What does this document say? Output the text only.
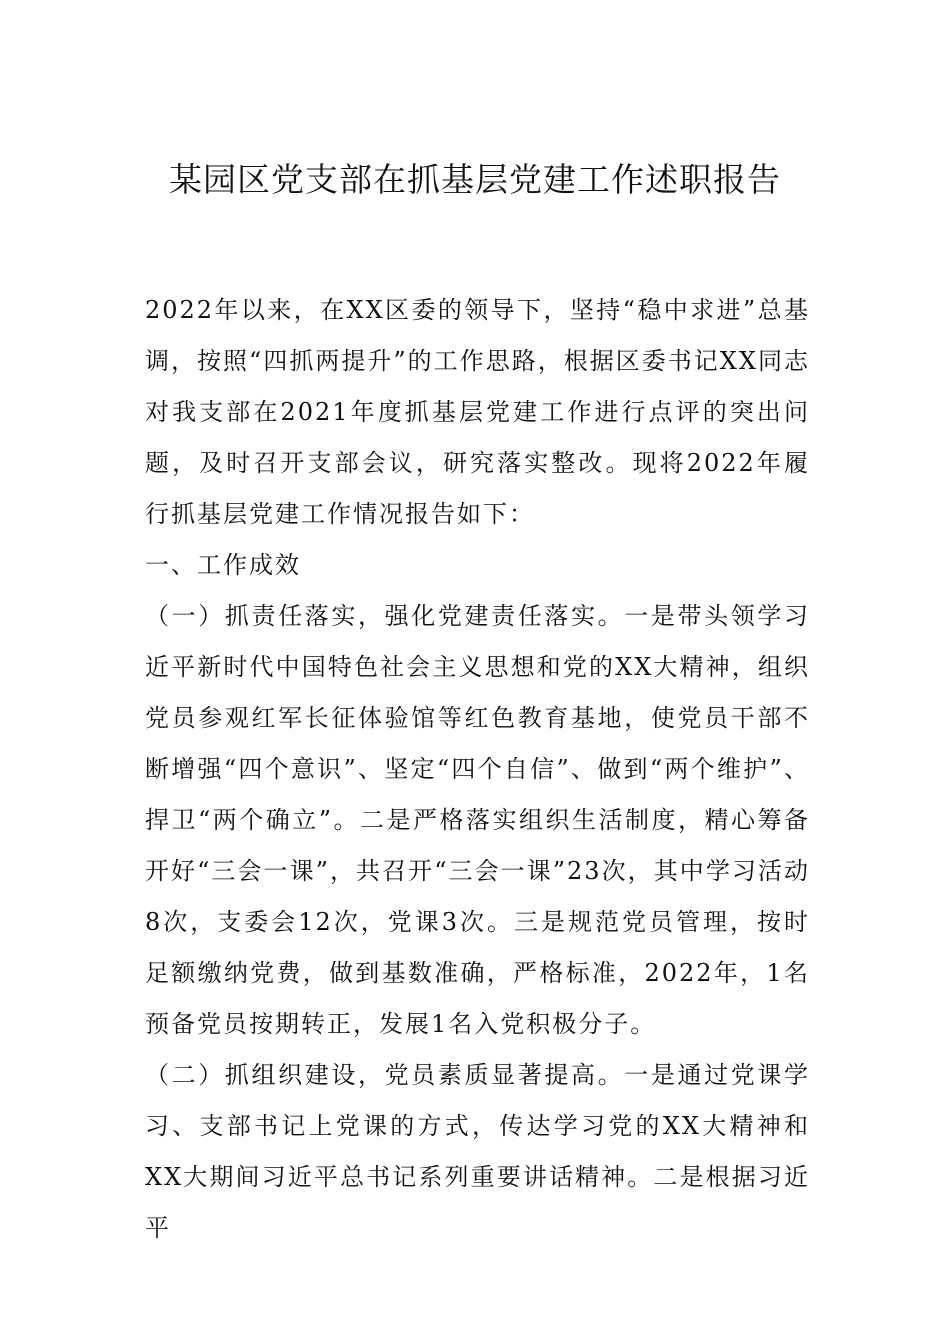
某园区党支部在抓基层党建工作述职报告

2022年以来，在XX区委的领导下，坚持“稳中求进”总基调，按照“四抓两提升”的工作思路，根据区委书记XX同志对我支部在2021年度抓基层党建工作进行点评的突出问题，及时召开支部会议，研究落实整改。现将2022年履行抓基层党建工作情况报告如下：

一、工作成效

（一）抓责任落实，强化党建责任落实。一是带头领学习近平新时代中国特色社会主义思想和党的XX大精神，组织党员参观红军长征体验馆等红色教育基地，使党员干部不断增强“四个意识”、坚定“四个自信”、做到“两个维护”、捍卫“两个确立”。二是严格落实组织生活制度，精心筹备开好“三会一课”，共召开“三会一课”23次，其中学习活动8次，支委会12次，党课3次。三是规范党员管理，按时足额缴纳党费，做到基数准确，严格标准，2022年，1名预备党员按期转正，发展1名入党积极分子。

（二）抓组织建设，党员素质显著提高。一是通过党课学习、支部书记上党课的方式，传达学习党的XX大精神和XX大期间习近平总书记系列重要讲话精神。二是根据习近平
